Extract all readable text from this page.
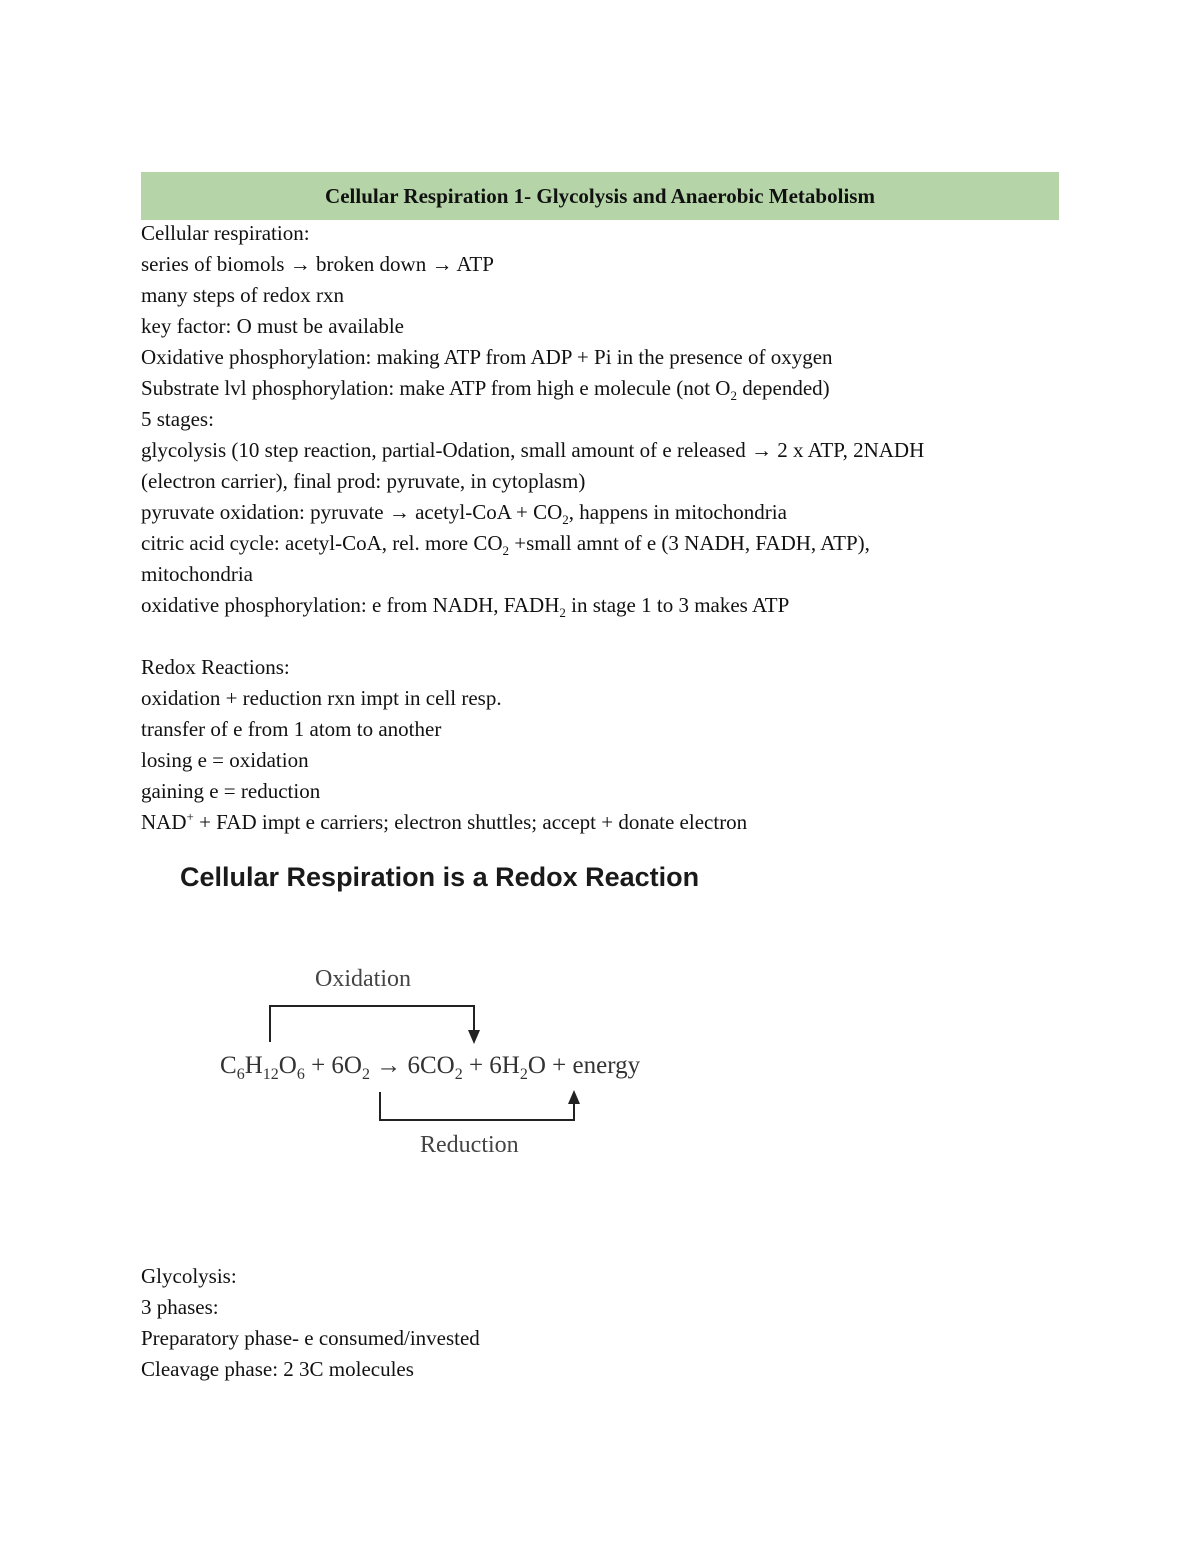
Cellular Respiration 1- Glycolysis and Anaerobic Metabolism
Cellular respiration:
series of biomols → broken down → ATP
many steps of redox rxn
key factor: O must be available
Oxidative phosphorylation: making ATP from ADP + Pi in the presence of oxygen
Substrate lvl phosphorylation: make ATP from high e molecule (not $O_2$ depended)
5 stages:
glycolysis (10 step reaction, partial-Odation, small amount of e released → 2 x ATP, 2NADH
(electron carrier), final prod: pyruvate, in cytoplasm)
pyruvate oxidation: pyruvate → acetyl-CoA + $CO_2$, happens in mitochondria
citric acid cycle: acetyl-CoA, rel. more $CO_2$ +small amnt of e (3 NADH, FADH, ATP),
mitochondria
oxidative phosphorylation: e from NADH, $FADH_2$ in stage 1 to 3 makes ATP
Redox Reactions:
oxidation + reduction rxn impt in cell resp.
transfer of e from 1 atom to another
losing e = oxidation
gaining e = reduction
NAD+ + FAD impt e carriers; electron shuttles; accept + donate electron
Cellular Respiration is a Redox Reaction
Oxidation
$C_6H_{12}O_6 + 6O_2 \to 6CO_2 + 6H_2O$ + energy
Reduction
Glycolysis:
3 phases:
Preparatory phase- e consumed/invested
Cleavage phase: 2 3C molecules
